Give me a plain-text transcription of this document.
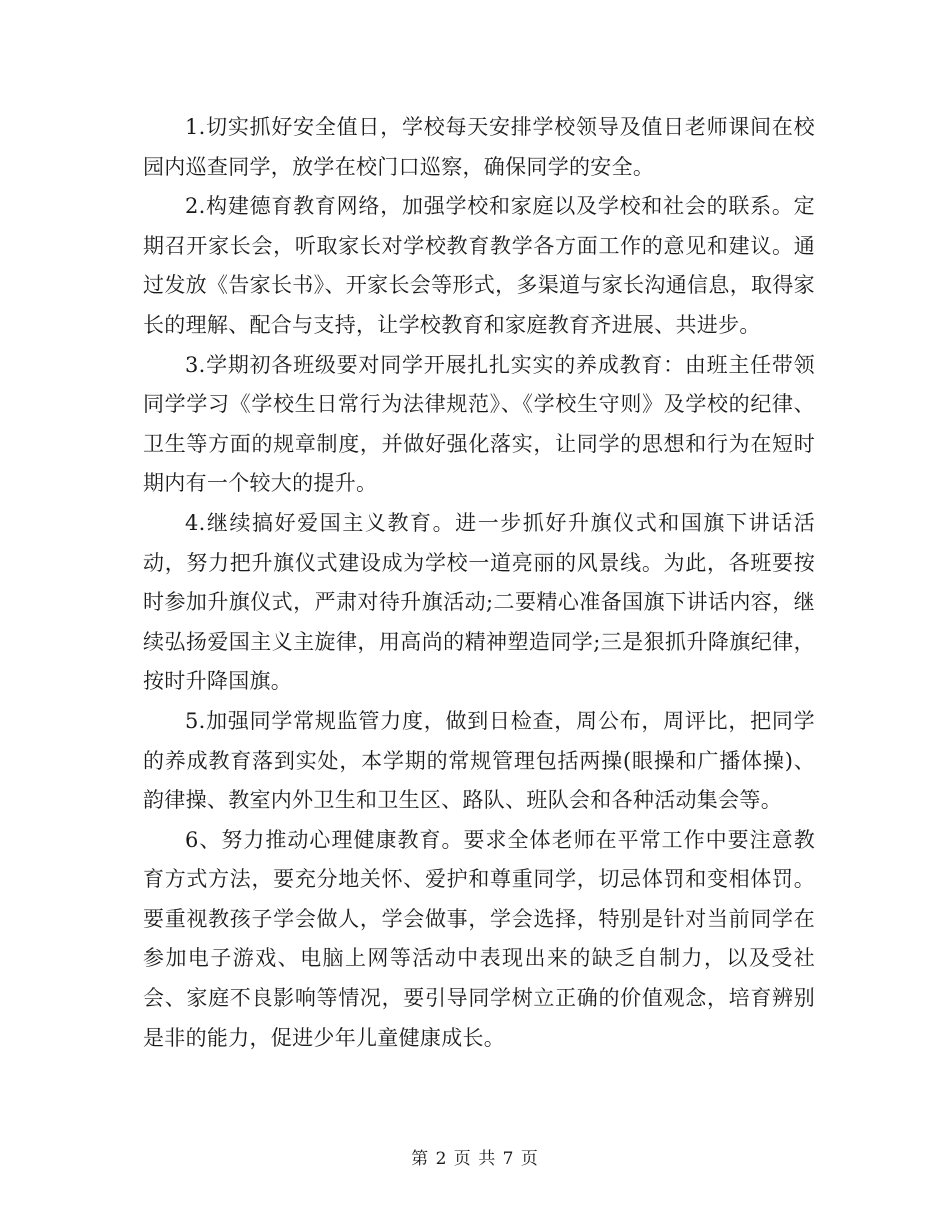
1.切实抓好安全值日，学校每天安排学校领导及值日老师课间在校园内巡查同学，放学在校门口巡察，确保同学的安全。

2.构建德育教育网络，加强学校和家庭以及学校和社会的联系。定期召开家长会，听取家长对学校教育教学各方面工作的意见和建议。通过发放《告家长书》、开家长会等形式，多渠道与家长沟通信息，取得家长的理解、配合与支持，让学校教育和家庭教育齐进展、共进步。

3.学期初各班级要对同学开展扎扎实实的养成教育：由班主任带领同学学习《学校生日常行为法律规范》、《学校生守则》及学校的纪律、卫生等方面的规章制度，并做好强化落实，让同学的思想和行为在短时期内有一个较大的提升。

4.继续搞好爱国主义教育。进一步抓好升旗仪式和国旗下讲话活动，努力把升旗仪式建设成为学校一道亮丽的风景线。为此，各班要按时参加升旗仪式，严肃对待升旗活动;二要精心准备国旗下讲话内容，继续弘扬爱国主义主旋律，用高尚的精神塑造同学;三是狠抓升降旗纪律，按时升降国旗。

5.加强同学常规监管力度，做到日检查，周公布，周评比，把同学的养成教育落到实处，本学期的常规管理包括两操(眼操和广播体操)、韵律操、教室内外卫生和卫生区、路队、班队会和各种活动集会等。

6、努力推动心理健康教育。要求全体老师在平常工作中要注意教育方式方法，要充分地关怀、爱护和尊重同学，切忌体罚和变相体罚。要重视教孩子学会做人，学会做事，学会选择，特别是针对当前同学在参加电子游戏、电脑上网等活动中表现出来的缺乏自制力，以及受社会、家庭不良影响等情况，要引导同学树立正确的价值观念，培育辨别是非的能力，促进少年儿童健康成长。

第 2 页 共 7 页
